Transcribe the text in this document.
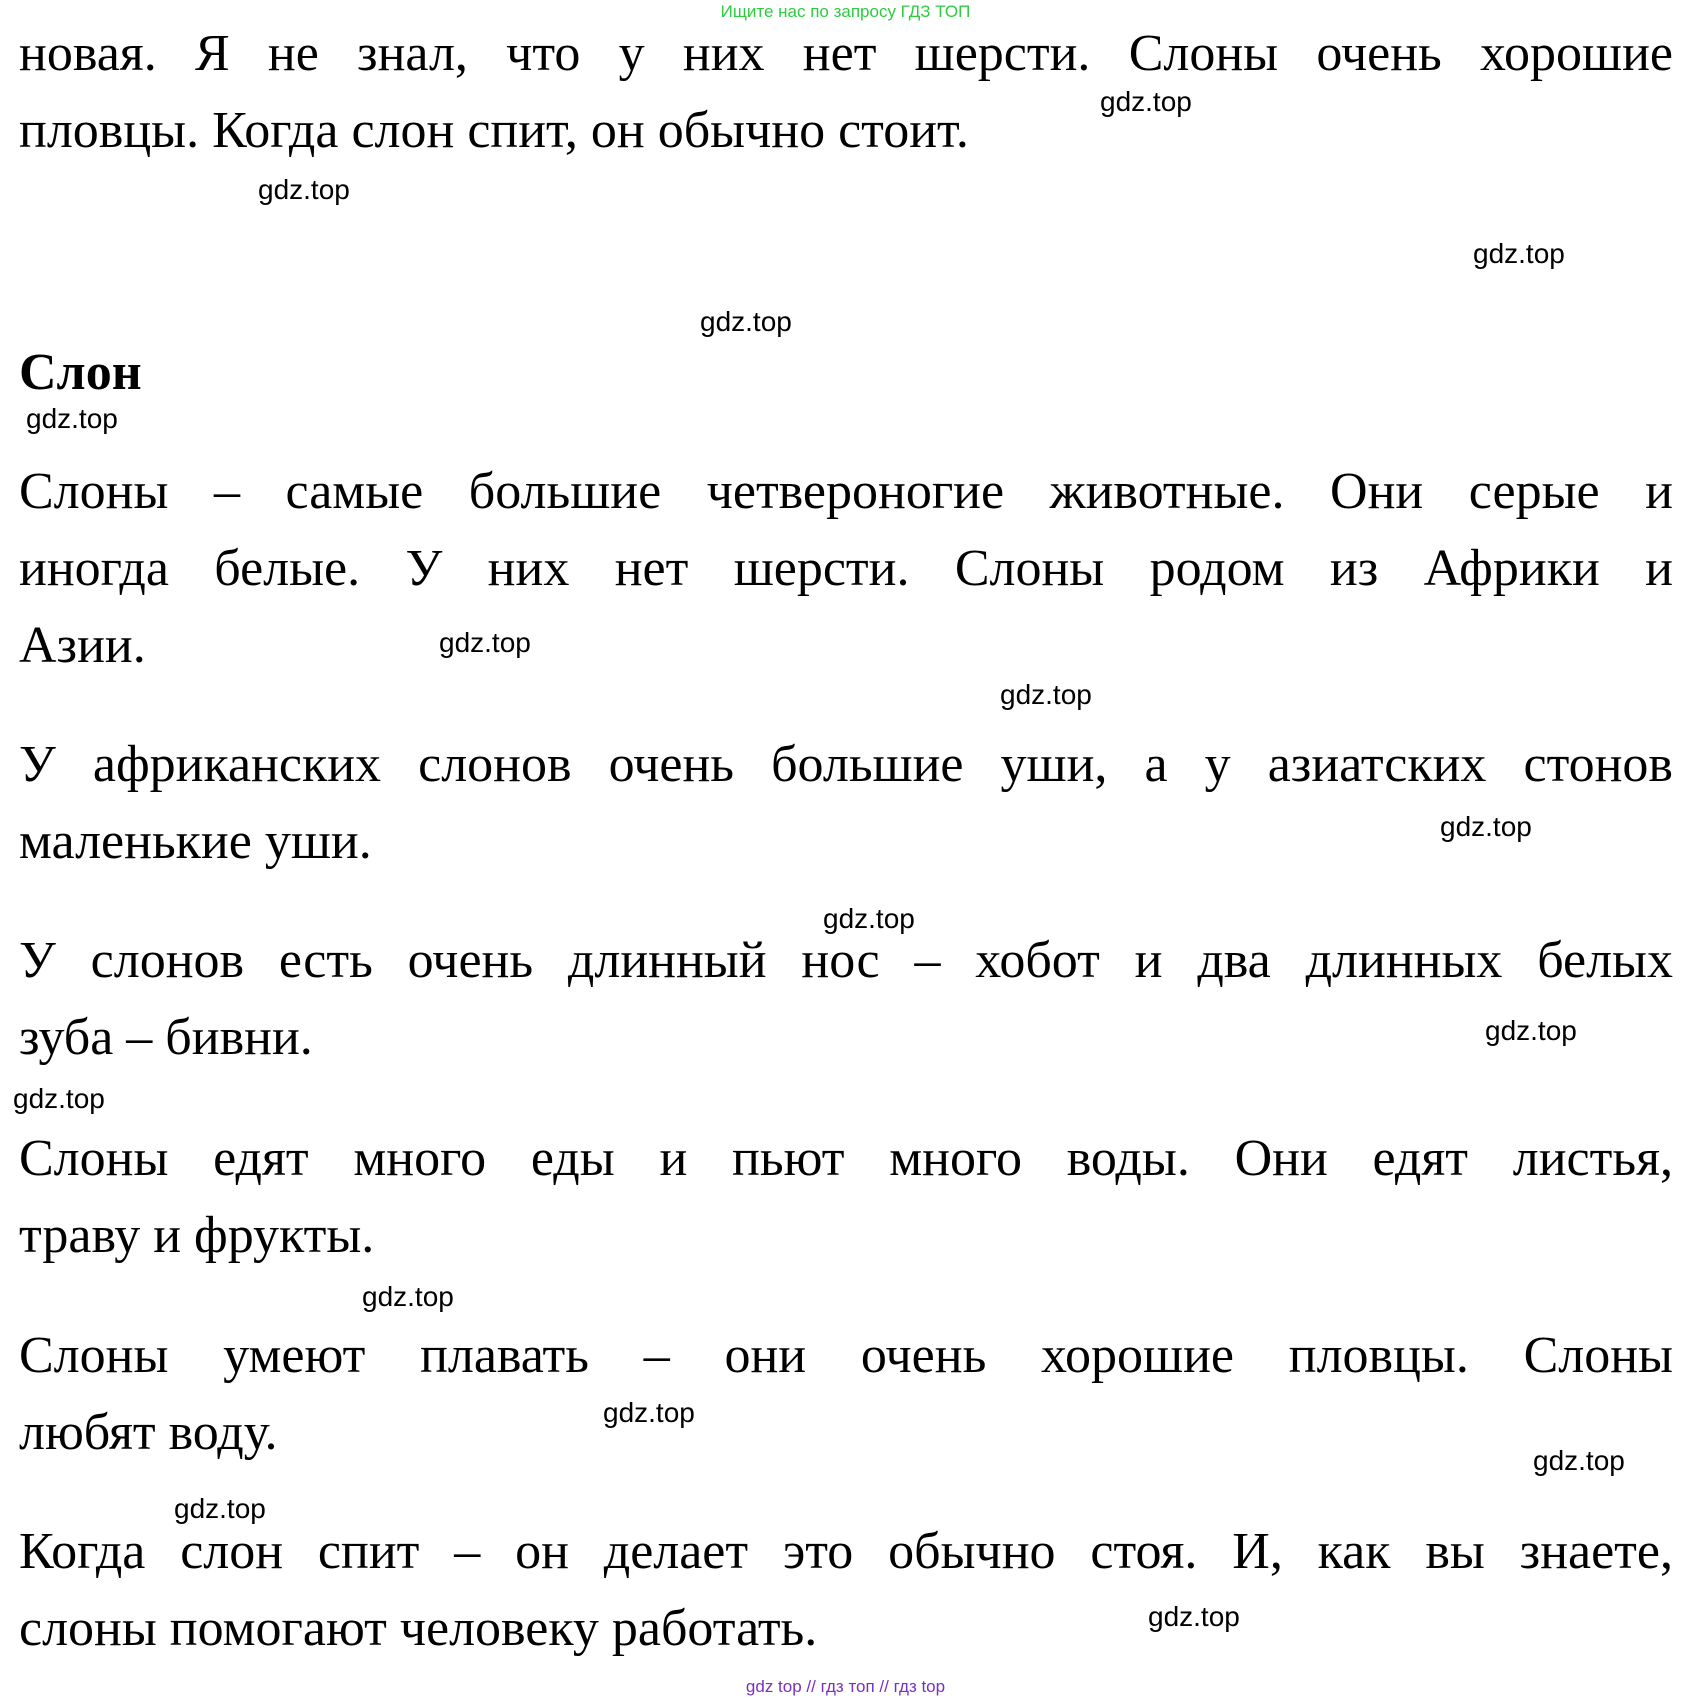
Ищите нас по запросу ГДЗ ТОП
новая. Я не знал, что у них нет шерсти. Слоны очень хорошие
пловцы. Когда слон спит, он обычно стоит.
Слон
Слоны – самые большие четвероногие животные. Они серые и
иногда белые. У них нет шерсти. Слоны родом из Африки и
Азии.
У африканских слонов очень большие уши, а у азиатских стонов
маленькие уши.
У слонов есть очень длинный нос – хобот и два длинных белых
зуба – бивни.
Слоны едят много еды и пьют много воды. Они едят листья,
траву и фрукты.
Слоны умеют плавать – они очень хорошие пловцы. Слоны
любят воду.
Когда слон спит – он делает это обычно стоя. И, как вы знаете,
слоны помогают человеку работать.
gdz.top
gdz.top
gdz.top
gdz.top
gdz.top
gdz.top
gdz.top
gdz.top
gdz.top
gdz.top
gdz.top
gdz.top
gdz.top
gdz.top
gdz.top
gdz.top
gdz top // гдз топ // гдз top
